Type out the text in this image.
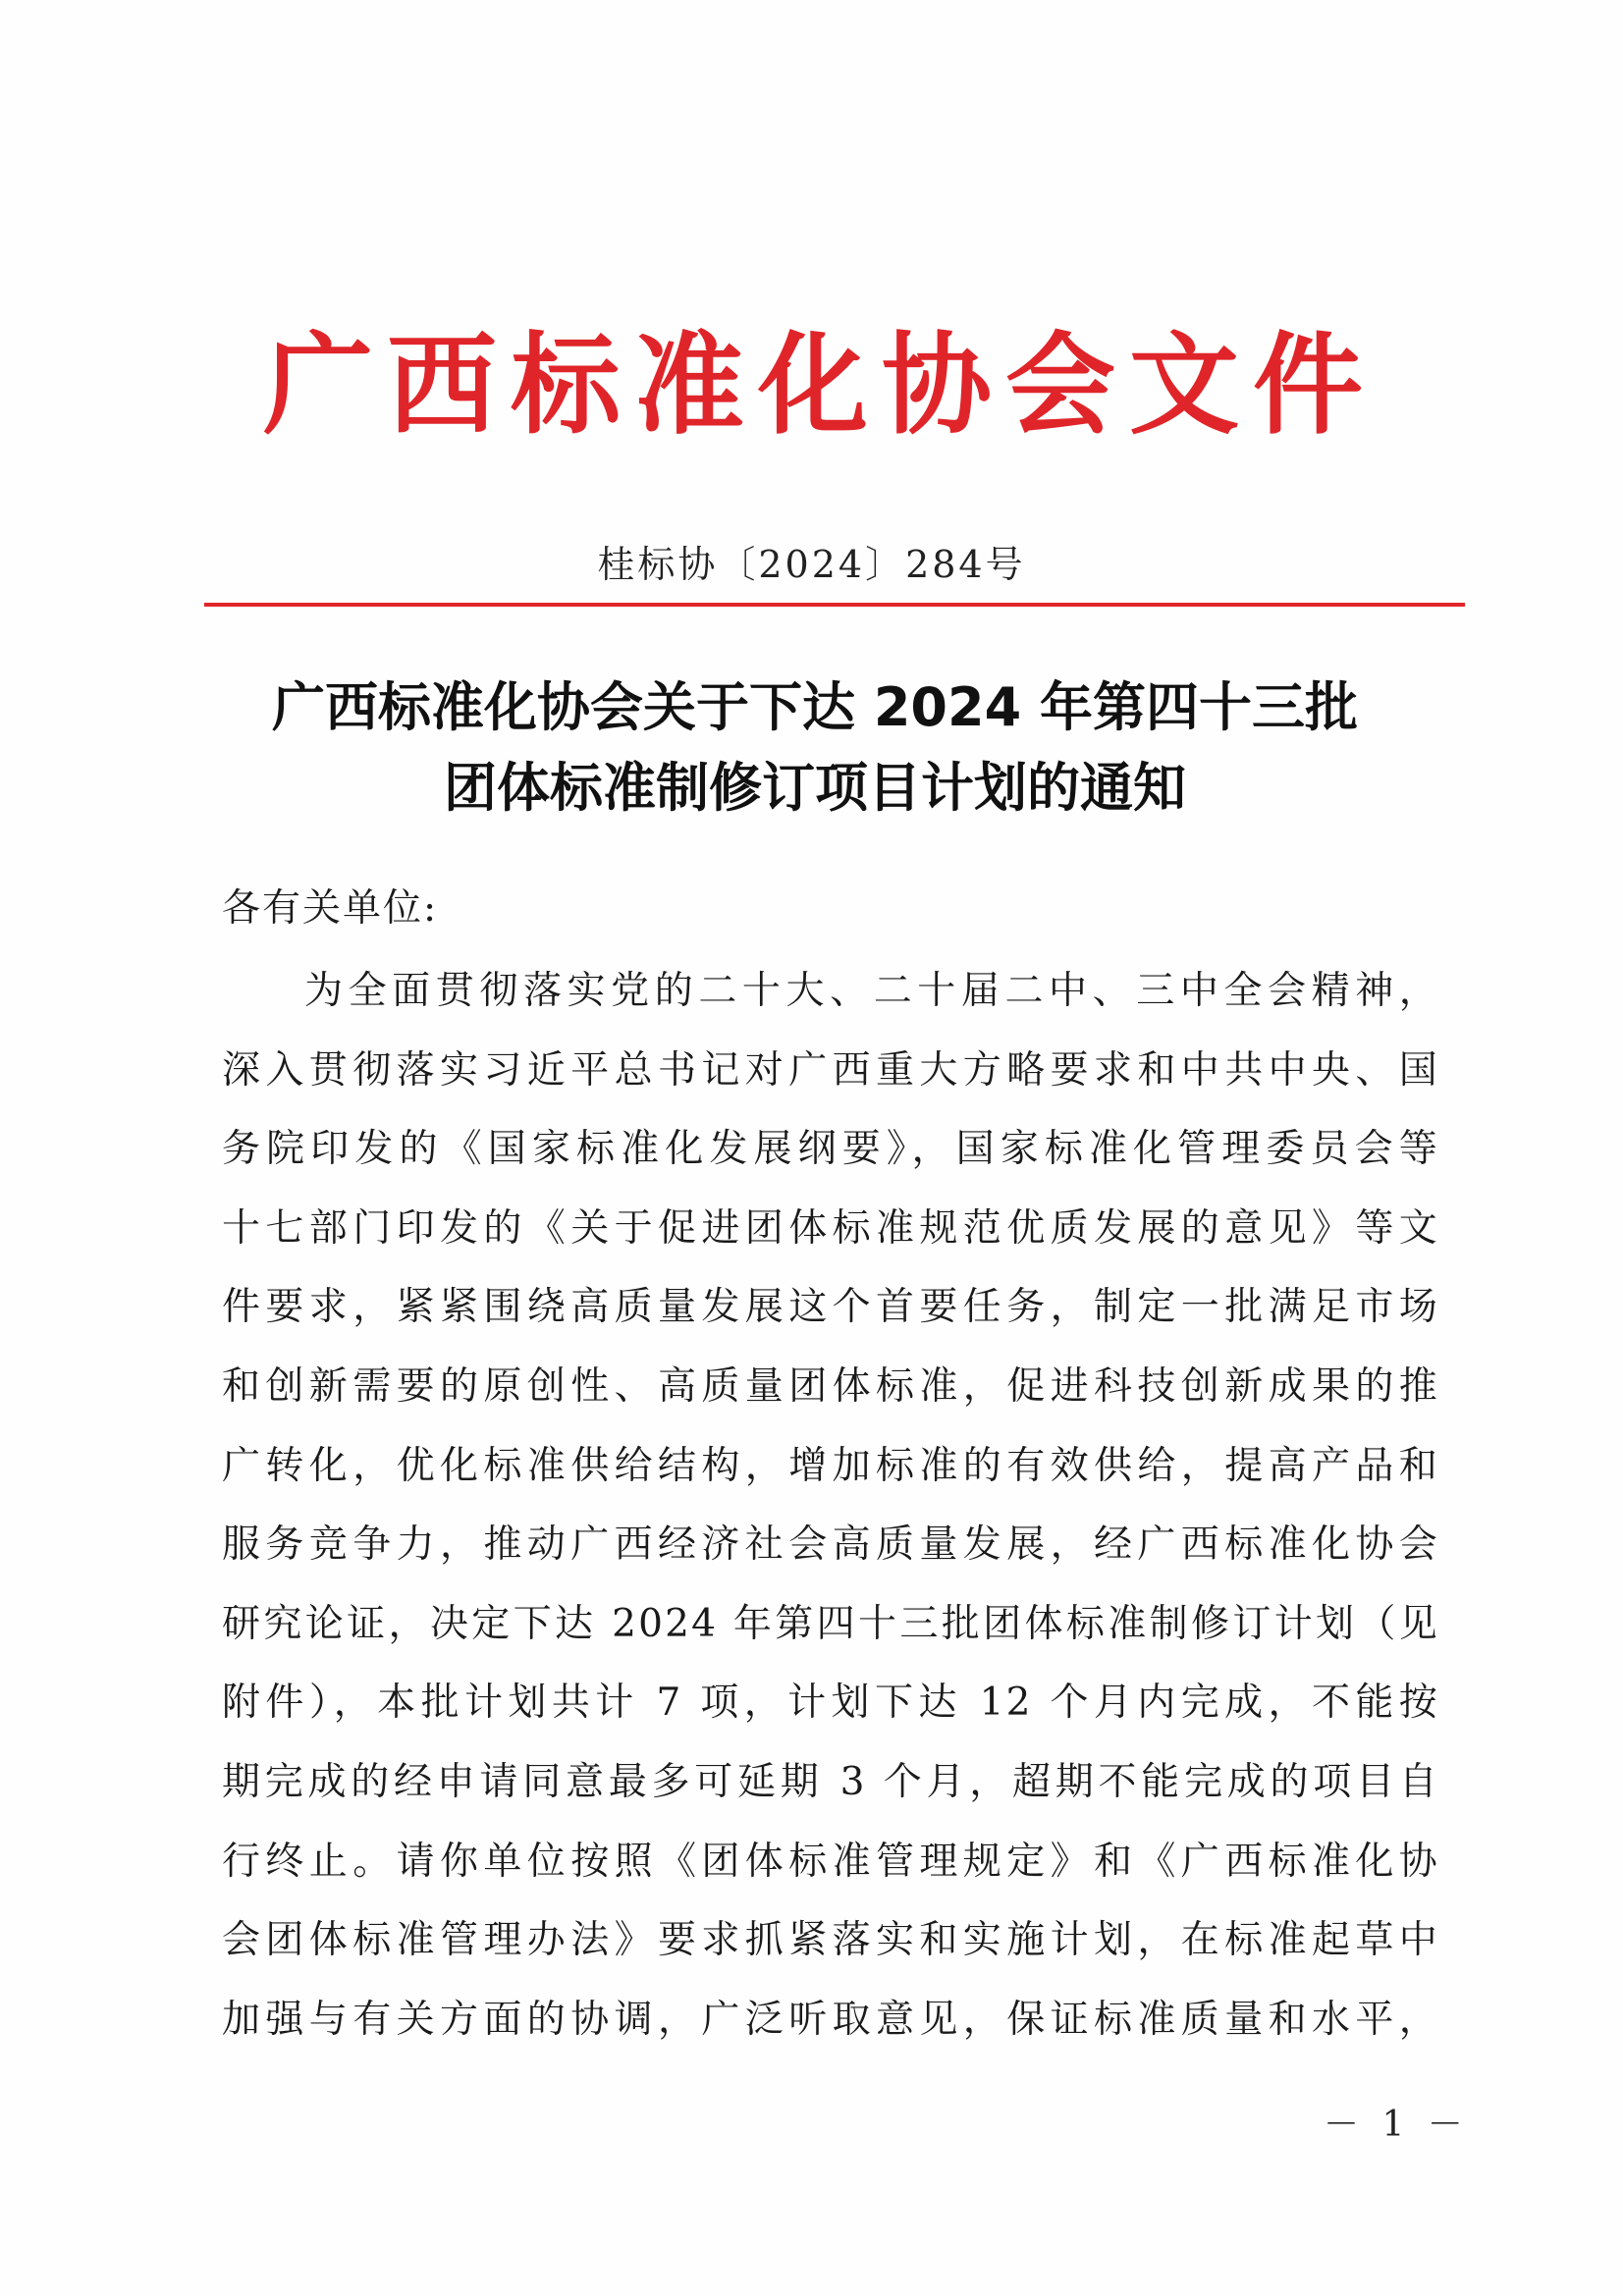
广西标准化协会文件
桂标协〔2024〕284号
广西标准化协会关于下达 2024 年第四十三批
团体标准制修订项目计划的通知
各有关单位:
为全面贯彻落实党的二十大、二十届二中、三中全会精神，
深入贯彻落实习近平总书记对广西重大方略要求和中共中央、国
务院印发的《国家标准化发展纲要》，国家标准化管理委员会等
十七部门印发的《关于促进团体标准规范优质发展的意见》等文
件要求，紧紧围绕高质量发展这个首要任务，制定一批满足市场
和创新需要的原创性、高质量团体标准，促进科技创新成果的推
广转化，优化标准供给结构，增加标准的有效供给，提高产品和
服务竞争力，推动广西经济社会高质量发展，经广西标准化协会
研究论证，决定下达 2024 年第四十三批团体标准制修订计划（见
附件），本批计划共计 7 项，计划下达 12 个月内完成，不能按
期完成的经申请同意最多可延期 3 个月，超期不能完成的项目自
行终止。请你单位按照《团体标准管理规定》和《广西标准化协
会团体标准管理办法》要求抓紧落实和实施计划，在标准起草中
加强与有关方面的协调，广泛听取意见，保证标准质量和水平，
－ 1 －
